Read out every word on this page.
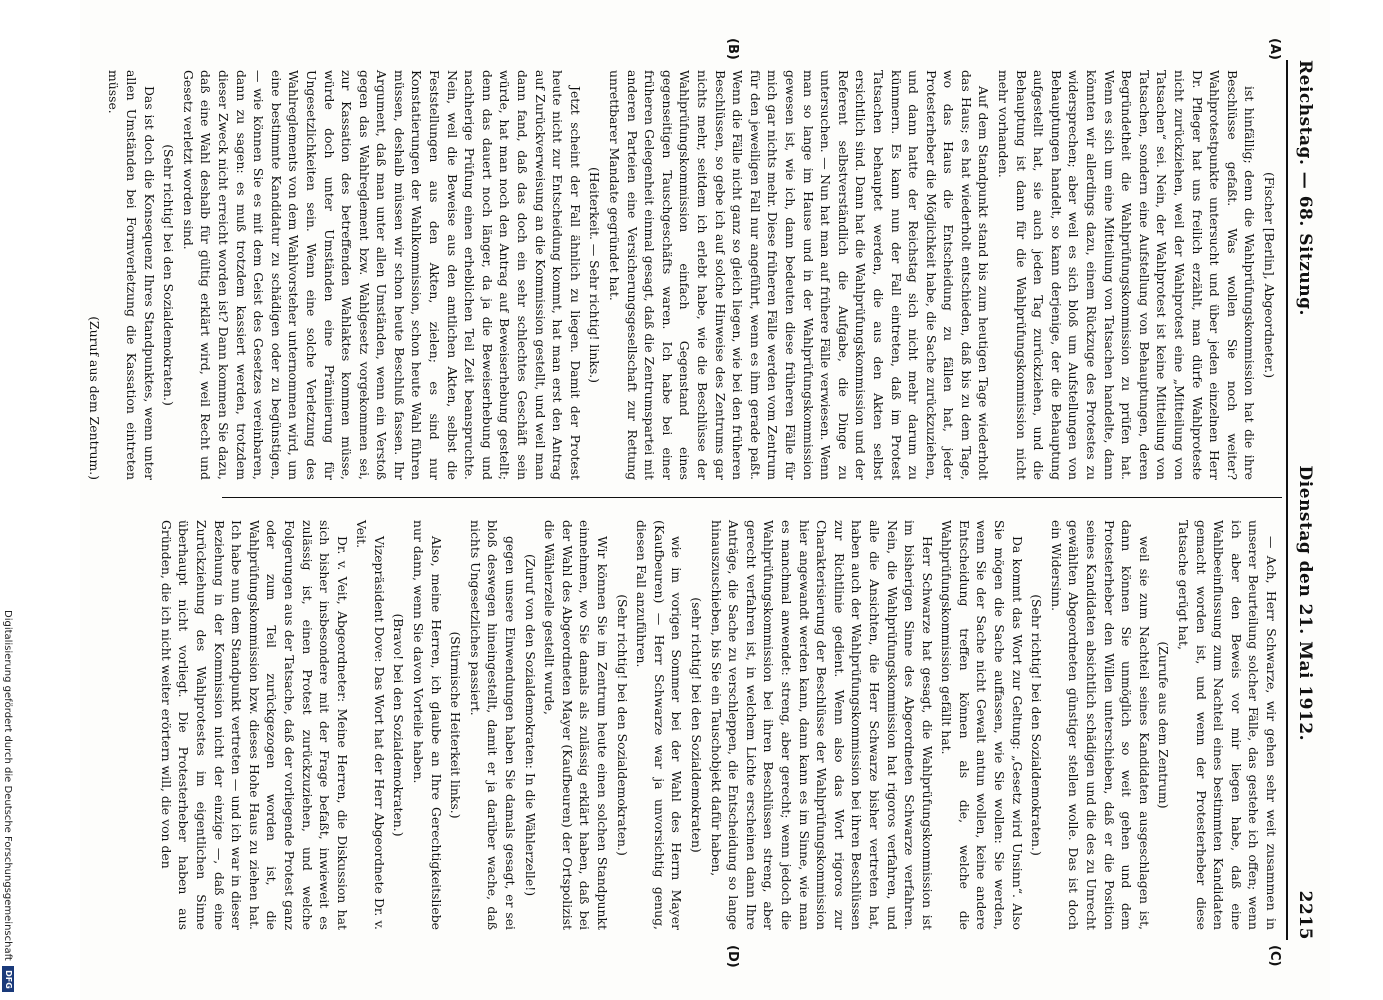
Reichstag. — 68. Sitzung.
Dienstag den 21. Mai 1912.
2215
(A)
(B)
(C)
(D)

(Fischer [Berlin], Abgeordneter.)

ist hinfällig; denn die Wahlprüfungskommission hat die ihre Beschlüsse gefaßt. Was wollen Sie noch weiter? Wahlprotestpunkte untersucht und über jeden einzelnen Herr Dr. Pfleger hat uns freilich erzählt, man dürfe Wahlproteste nicht zurückziehen, weil der Wahlprotest eine „Mitteilung von Tatsachen“ sei. Nein, der Wahlprotest ist keine Mitteilung von Tatsachen, sondern eine Aufstellung von Behauptungen, deren Begründetheit die Wahlprüfungskommission zu prüfen hat. Wenn es sich um eine Mitteilung von Tatsachen handelte, dann könnten wir allerdings dazu, einem Rückzuge des Protestes zu widersprechen; aber weil es sich bloß um Aufstellungen von Behauptungen handelt, so kann derjenige, der die Behauptung aufgestellt hat, sie auch jeden Tag zurückziehen, und die Behauptung ist dann für die Wahlprüfungskommission nicht mehr vorhanden.

Auf dem Standpunkt stand bis zum heutigen Tage wiederholt das Haus; es hat wiederholt entschieden, daß bis zu dem Tage, wo das Haus die Entscheidung zu fällen hat, jeder Protesterheber die Möglichkeit habe, die Sache zurückzuziehen, und dann hatte der Reichstag sich nicht mehr darum zu kümmern. Es kann nun der Fall eintreten, daß im Protest Tatsachen behauptet werden, die aus den Akten selbst ersichtlich sind. Dann hat die Wahlprüfungskommission und der Referent selbstverständlich die Aufgabe, die Dinge zu untersuchen. — Nun hat man auf frühere Fälle verwiesen. Wenn man so lange im Hause und in der Wahlprüfungskommission gewesen ist, wie ich, dann bedeuten diese früheren Fälle für mich gar nichts mehr. Diese früheren Fälle werden vom Zentrum für den jeweiligen Fall nur angeführt, wenn es ihm gerade paßt. Wenn die Fälle nicht ganz so gleich liegen, wie bei den früheren Beschlüssen, so gebe ich auf solche Hinweise des Zentrums gar nichts mehr, seitdem ich erlebt habe, wie die Beschlüsse der Wahlprüfungskommission einfach Gegenstand eines gegenseitigen Tauschgeschäfts waren. Ich habe bei einer früheren Gelegenheit einmal gesagt, daß die Zentrumspartei mit anderen Parteien eine Versicherungsgesellschaft zur Rettung unrettbarer Mandate gegründet hat.

(Heiterkeit. — Sehr richtig! links.)

Jetzt scheint der Fall ähnlich zu liegen. Damit der Protest heute nicht zur Entscheidung kommt, hat man erst den Antrag auf Zurückverweisung an die Kommission gestellt, und weil man dann fand, daß das doch ein sehr schlechtes Geschäft sein würde, hat man noch den Antrag auf Beweiserhebung gestellt; denn das dauert noch länger, da ja die Beweiserhebung und nachherige Prüfung einen erheblichen Teil Zeit beanspruchte. Nein, weil die Beweise aus den amtlichen Akten, selbst die Feststellungen aus den Akten, zielen; es sind nur Konstatierungen der Wahlkommission, schon heute Wahl führen müssen, deshalb müssen wir schon heute Beschluß fassen. Ihr Argument, daß man unter allen Umständen, wenn ein Verstoß gegen das Wahlreglement bzw. Wahlgesetz vorgekommen sei, zur Kassation des betreffenden Wahlaktes kommen müsse, würde doch unter Umständen eine Prämiierung für Ungesetzlichkeiten sein. Wenn eine solche Verletzung des Wahlreglements von dem Wahlvorsteher unternommen wird, um eine bestimmte Kandidatur zu schädigen oder zu begünstigen, — wie können Sie es mit dem Geist des Gesetzes vereinbaren, dann zu sagen: es muß trotzdem kassiert werden, trotzdem dieser Zweck nicht erreicht worden ist? Dann kommen Sie dazu, daß eine Wahl deshalb für gültig erklärt wird, weil Recht und Gesetz verletzt worden sind.

(Sehr richtig! bei den Sozialdemokraten.)

Das ist doch die Konsequenz Ihres Standpunktes, wenn unter allen Umständen bei Formverletzung die Kassation eintreten müsse.

(Zuruf aus dem Zentrum.)

— Ach, Herr Schwarze, wir gehen sehr weit zusammen in unserer Beurteilung solcher Fälle, das gestehe ich offen; wenn ich aber den Beweis vor mir liegen habe, daß eine Wahlbeeinflussung zum Nachteil eines bestimmten Kandidaten gemacht worden ist, und wenn der Protesterheber diese Tatsache gerügt hat,

(Zurufe aus dem Zentrum)

weil sie zum Nachteil seines Kandidaten ausgeschlagen ist, dann können Sie unmöglich so weit gehen und dem Protesterheber den Willen unterschieben, daß er die Position seines Kandidaten absichtlich schädigen und die des zu Unrecht gewählten Abgeordneten günstiger stellen wolle. Das ist doch ein Widersinn.

(Sehr richtig! bei den Sozialdemokraten.)

Da kommt das Wort zur Geltung: „Gesetz wird Unsinn“. Also Sie mögen die Sache auffassen, wie Sie wollen: Sie werden, wenn Sie der Sache nicht Gewalt antun wollen, keine andere Entscheidung treffen können als die, welche die Wahlprüfungskommission gefällt hat.

Herr Schwarze hat gesagt, die Wahlprüfungskommission ist im bisherigen Sinne des Abgeordneten Schwarze verfahren. Nein, die Wahlprüfungskommission hat rigoros verfahren, und alle die Ansichten, die Herr Schwarze bisher vertreten hat, haben auch der Wahlprüfungskommission bei ihren Beschlüssen zur Richtlinie gedient. Wenn also das Wort rigoros zur Charakterisierung der Beschlüsse der Wahlprüfungskommission hier angewandt werden kann, dann kann es im Sinne, wie man es manchmal anwendet: streng, aber gerecht; wenn jedoch die Wahlprüfungskommission bei ihren Beschlüssen streng, aber gerecht verfahren ist, in welchem Lichte erscheinen dann Ihre Anträge, die Sache zu verschleppen, die Entscheidung so lange hinauszuschieben, bis Sie ein Tauschobjekt dafür haben,

(sehr richtig! bei den Sozialdemokraten)

wie im vorigen Sommer bei der Wahl des Herrn Mayer (Kaufbeuren) — Herr Schwarze war ja unvorsichtig genug, diesen Fall anzuführen.

(Sehr richtig! bei den Sozialdemokraten.)

Wir können Sie im Zentrum heute einen solchen Standpunkt einnehmen, wo Sie damals als zulässig erklärt haben, daß bei der Wahl des Abgeordneten Mayer (Kaufbeuren) der Ortspolizist die Wählerzelle gestellt wurde,

(Zuruf von den Sozialdemokraten: In die Wählerzelle!)

gegen unsere Einwendungen haben Sie damals gesagt, er sei bloß deswegen hineingestellt, damit er ja darüber wache, daß nichts Ungesetzliches passiert.

(Stürmische Heiterkeit links.)

Also, meine Herren, ich glaube an Ihre Gerechtigkeitsliebe nur dann, wenn Sie davon Vorteile haben.

(Bravo! bei den Sozialdemokraten.)

Vizepräsident Dove: Das Wort hat der Herr Abgeordnete Dr. v. Veit.

Dr. v. Veit, Abgeordneter: Meine Herren, die Diskussion hat sich bisher insbesondere mit der Frage befaßt, inwieweit es zulässig ist, einen Protest zurückzuziehen, und welche Folgerungen aus der Tatsache, daß der vorliegende Protest ganz oder zum Teil zurückgezogen worden ist, die Wahlprüfungskommission bzw. dieses Hohe Haus zu ziehen hat. Ich habe nun dem Standpunkt vertreten — und ich war in dieser Beziehung in der Kommission nicht der einzige —, daß eine Zurückziehung des Wahlprotestes im eigentlichen Sinne überhaupt nicht vorliegt. Die Protesterheber haben aus Gründen, die ich nicht weiter erörtern will, die von den

Digitalisierung gefördert durch die Deutsche Forschungsgemeinschaft
DFG
